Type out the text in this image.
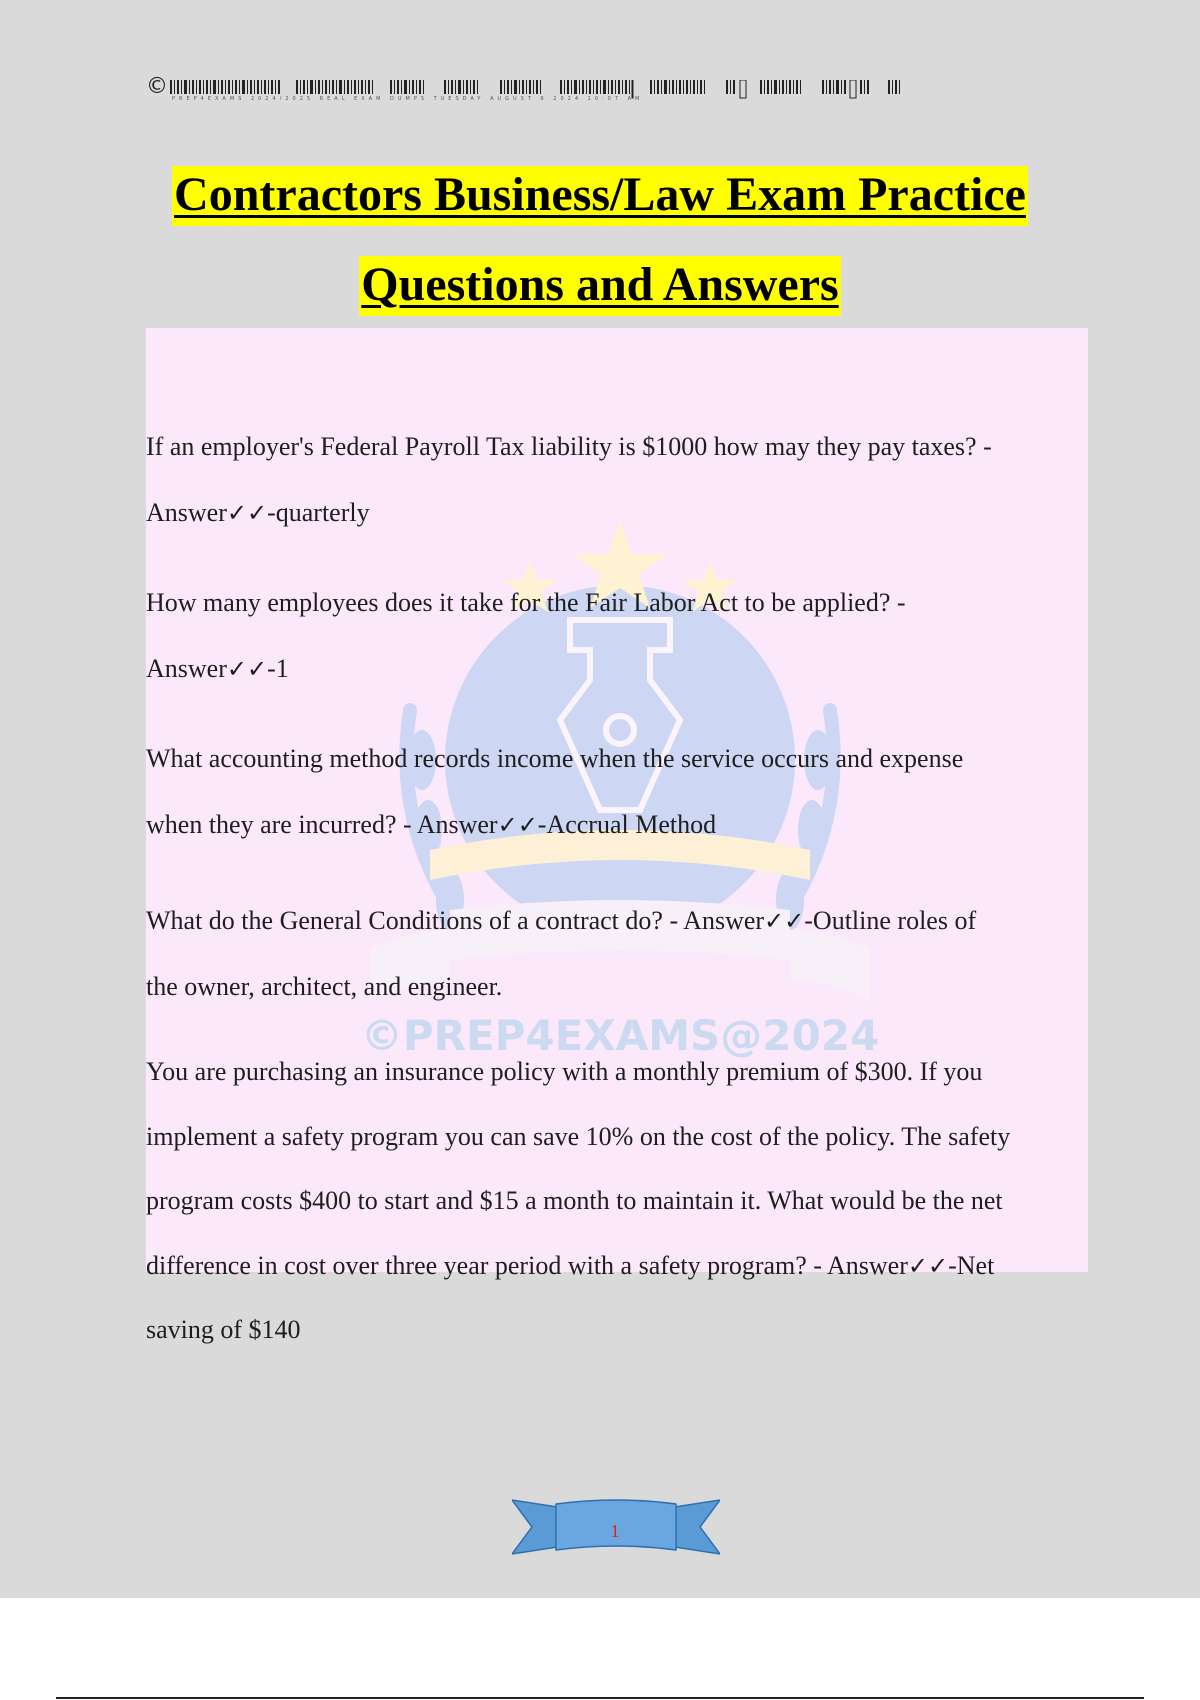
© PREP4EXAMS 2024/2025 REAL EXAM DUMPS TUESDAY AUGUST 6 2024 10:07 AM
Contractors Business/Law Exam Practice
Questions and Answers
©PREP4EXAMS@2024

If an employer's Federal Payroll Tax liability is $1000 how may they pay taxes? -
Answer✓✓-quarterly

How many employees does it take for the Fair Labor Act to be applied? -
Answer✓✓-1

What accounting method records income when the service occurs and expense
when they are incurred? - Answer✓✓-Accrual Method

What do the General Conditions of a contract do? - Answer✓✓-Outline roles of
the owner, architect, and engineer.

You are purchasing an insurance policy with a monthly premium of $300. If you
implement a safety program you can save 10% on the cost of the policy. The safety
program costs $400 to start and $15 a month to maintain it. What would be the net
difference in cost over three year period with a safety program? - Answer✓✓-Net
saving of $140

1
